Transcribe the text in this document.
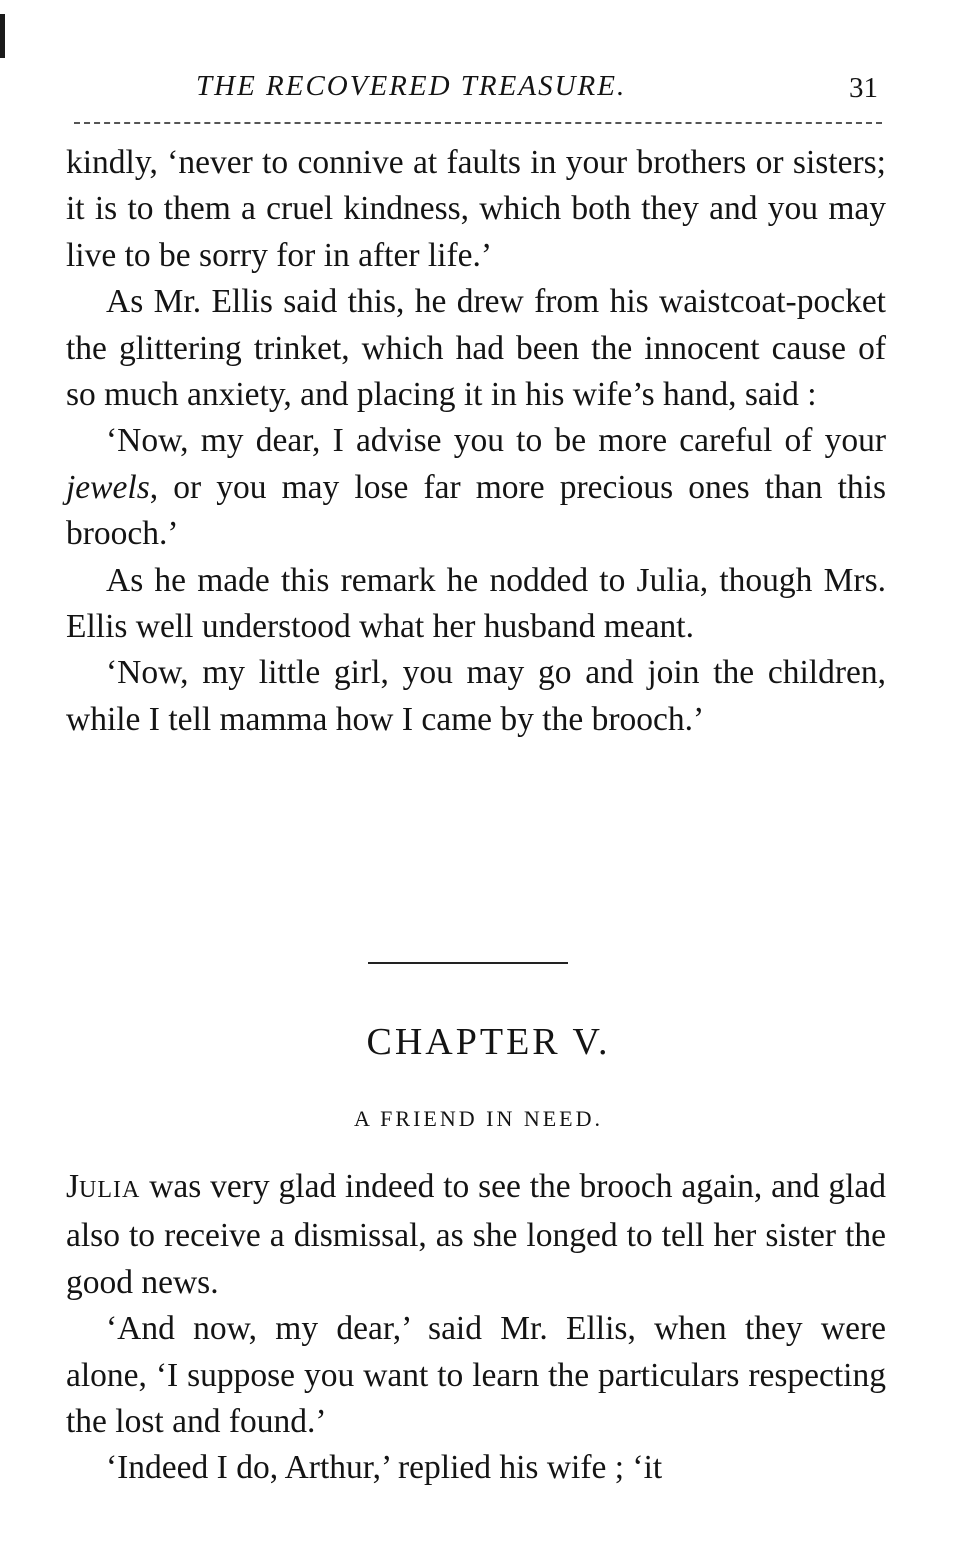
THE RECOVERED TREASURE.	31

kindly, ‘never to connive at faults in your brothers or sisters; it is to them a cruel kindness, which both they and you may live to be sorry for in after life.’

As Mr. Ellis said this, he drew from his waistcoat-pocket the glittering trinket, which had been the innocent cause of so much anxiety, and placing it in his wife’s hand, said :

‘Now, my dear, I advise you to be more careful of your jewels, or you may lose far more precious ones than this brooch.’

As he made this remark he nodded to Julia, though Mrs. Ellis well understood what her husband meant.

‘Now, my little girl, you may go and join the children, while I tell mamma how I came by the brooch.’

CHAPTER V.
A FRIEND IN NEED.

JULIA was very glad indeed to see the brooch again, and glad also to receive a dismissal, as she longed to tell her sister the good news.

‘And now, my dear,’ said Mr. Ellis, when they were alone, ‘I suppose you want to learn the particulars respecting the lost and found.’

‘Indeed I do, Arthur,’ replied his wife ; ‘it
